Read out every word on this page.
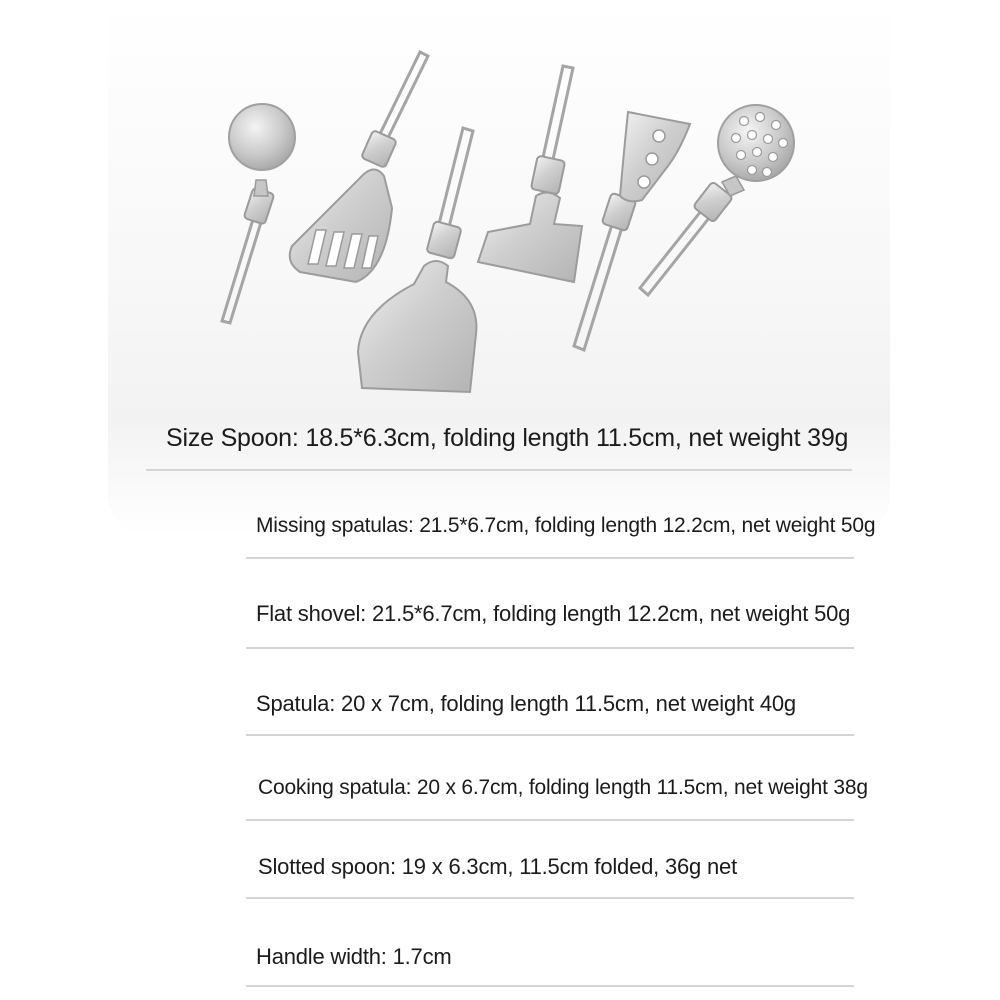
Size Spoon: 18.5*6.3cm, folding length 11.5cm, net weight 39g

Missing spatulas: 21.5*6.7cm, folding length 12.2cm, net weight 50g

Flat shovel: 21.5*6.7cm, folding length 12.2cm, net weight 50g

Spatula: 20 x 7cm, folding length 11.5cm, net weight 40g

Cooking spatula: 20 x 6.7cm, folding length 11.5cm, net weight 38g

Slotted spoon: 19 x 6.3cm, 11.5cm folded, 36g net

Handle width: 1.7cm
